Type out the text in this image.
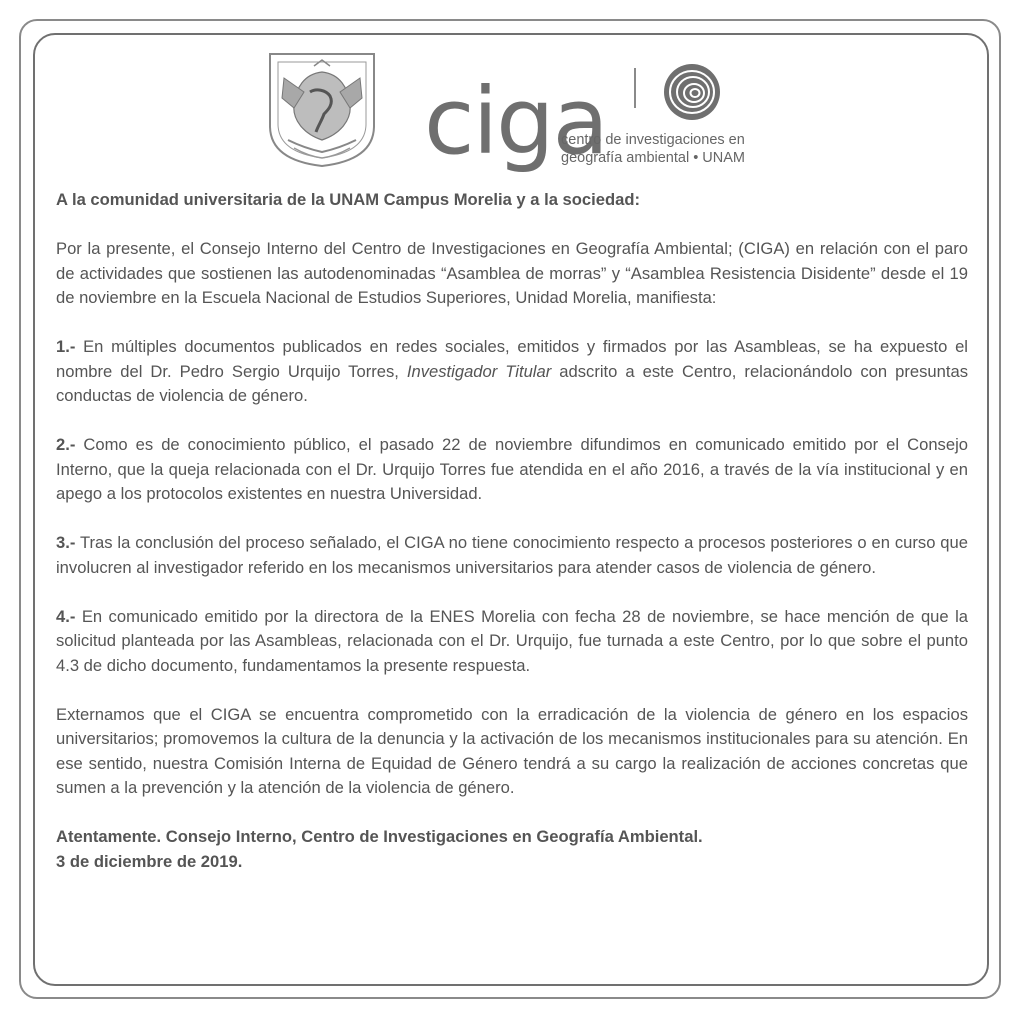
ciga
centro de investigaciones en
geografía ambiental • UNAM

A la comunidad universitaria de la UNAM Campus Morelia y a la sociedad:

Por la presente, el Consejo Interno del Centro de Investigaciones en Geografía Ambiental; (CIGA) en relación con el paro de actividades que sostienen las autodenominadas “Asamblea de morras” y “Asamblea Resistencia Disidente” desde el 19 de noviembre en la Escuela Nacional de Estudios Superiores, Unidad Morelia, manifiesta:

1.- En múltiples documentos publicados en redes sociales, emitidos y firmados por las Asambleas, se ha expuesto el nombre del Dr. Pedro Sergio Urquijo Torres, Investigador Titular adscrito a este Centro, relacionándolo con presuntas conductas de violencia de género.

2.- Como es de conocimiento público, el pasado 22 de noviembre difundimos en comunicado emitido por el Consejo Interno, que la queja relacionada con el Dr. Urquijo Torres fue atendida en el año 2016, a través de la vía institucional y en apego a los protocolos existentes en nuestra Universidad.

3.- Tras la conclusión del proceso señalado, el CIGA no tiene conocimiento respecto a procesos posteriores o en curso que involucren al investigador referido en los mecanismos universitarios para atender casos de violencia de género.

4.- En comunicado emitido por la directora de la ENES Morelia con fecha 28 de noviembre, se hace mención de que la solicitud planteada por las Asambleas, relacionada con el Dr. Urquijo, fue turnada a este Centro, por lo que sobre el punto 4.3 de dicho documento, fundamentamos la presente respuesta.

Externamos que el CIGA se encuentra comprometido con la erradicación de la violencia de género en los espacios universitarios; promovemos la cultura de la denuncia y la activación de los mecanismos institucionales para su atención. En ese sentido, nuestra Comisión Interna de Equidad de Género tendrá a su cargo la realización de acciones concretas que sumen a la prevención y la atención de la violencia de género.

Atentamente. Consejo Interno, Centro de Investigaciones en Geografía Ambiental.
3 de diciembre de 2019.
